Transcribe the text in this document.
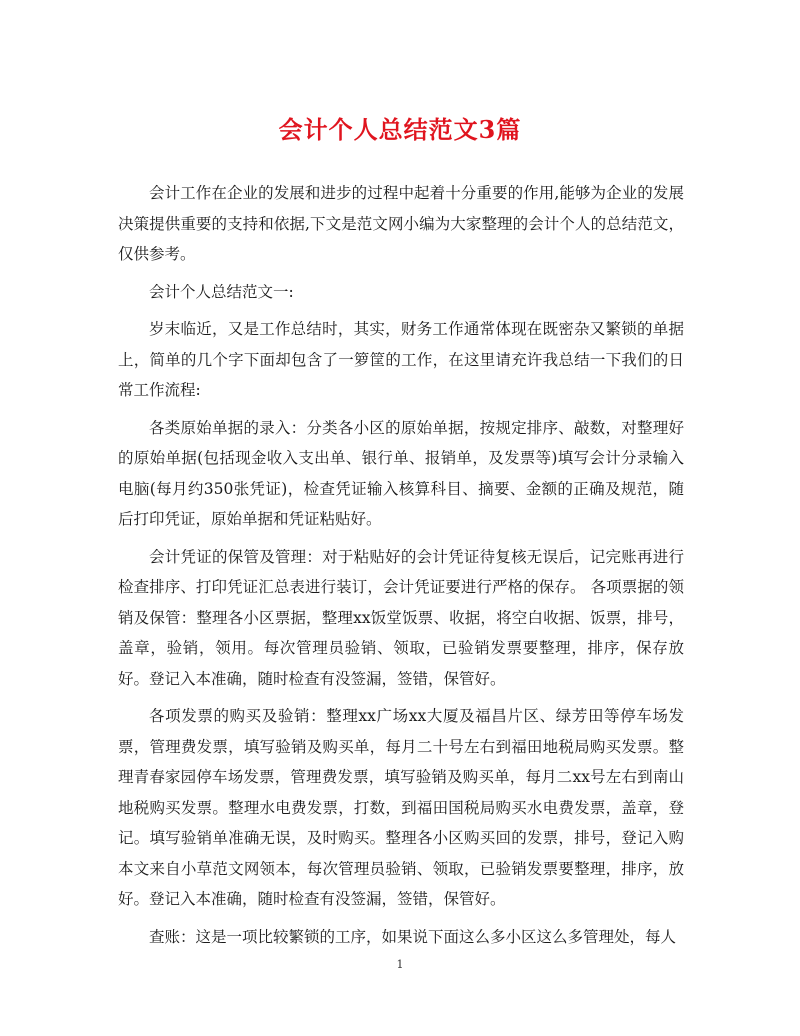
会计个人总结范文3篇

会计工作在企业的发展和进步的过程中起着十分重要的作用,能够为企业的发展决策提供重要的支持和依据,下文是范文网小编为大家整理的会计个人的总结范文，仅供参考。

会计个人总结范文一:

岁末临近，又是工作总结时，其实，财务工作通常体现在既密杂又繁锁的单据上，简单的几个字下面却包含了一箩筐的工作，在这里请充许我总结一下我们的日常工作流程:

各类原始单据的录入：分类各小区的原始单据，按规定排序、敲数，对整理好的原始单据(包括现金收入支出单、银行单、报销单，及发票等)填写会计分录输入电脑(每月约350张凭证)，检查凭证输入核算科目、摘要、金额的正确及规范，随后打印凭证，原始单据和凭证粘贴好。

会计凭证的保管及管理：对于粘贴好的会计凭证待复核无误后，记完账再进行检查排序、打印凭证汇总表进行装订，会计凭证要进行严格的保存。 各项票据的领销及保管：整理各小区票据，整理xx饭堂饭票、收据，将空白收据、饭票，排号，盖章，验销，领用。每次管理员验销、领取，已验销发票要整理，排序，保存放好。登记入本准确，随时检查有没签漏，签错，保管好。

各项发票的购买及验销：整理xx广场xx大厦及福昌片区、绿芳田等停车场发票，管理费发票，填写验销及购买单，每月二十号左右到福田地税局购买发票。整理青春家园停车场发票，管理费发票，填写验销及购买单，每月二xx号左右到南山地税购买发票。整理水电费发票，打数，到福田国税局购买水电费发票，盖章，登记。填写验销单准确无误，及时购买。整理各小区购买回的发票，排号，登记入购本文来自小草范文网领本，每次管理员验销、领取，已验销发票要整理，排序，放好。登记入本准确，随时检查有没签漏，签错，保管好。

查账：这是一项比较繁锁的工序，如果说下面这么多小区这么多管理处，每人

1
